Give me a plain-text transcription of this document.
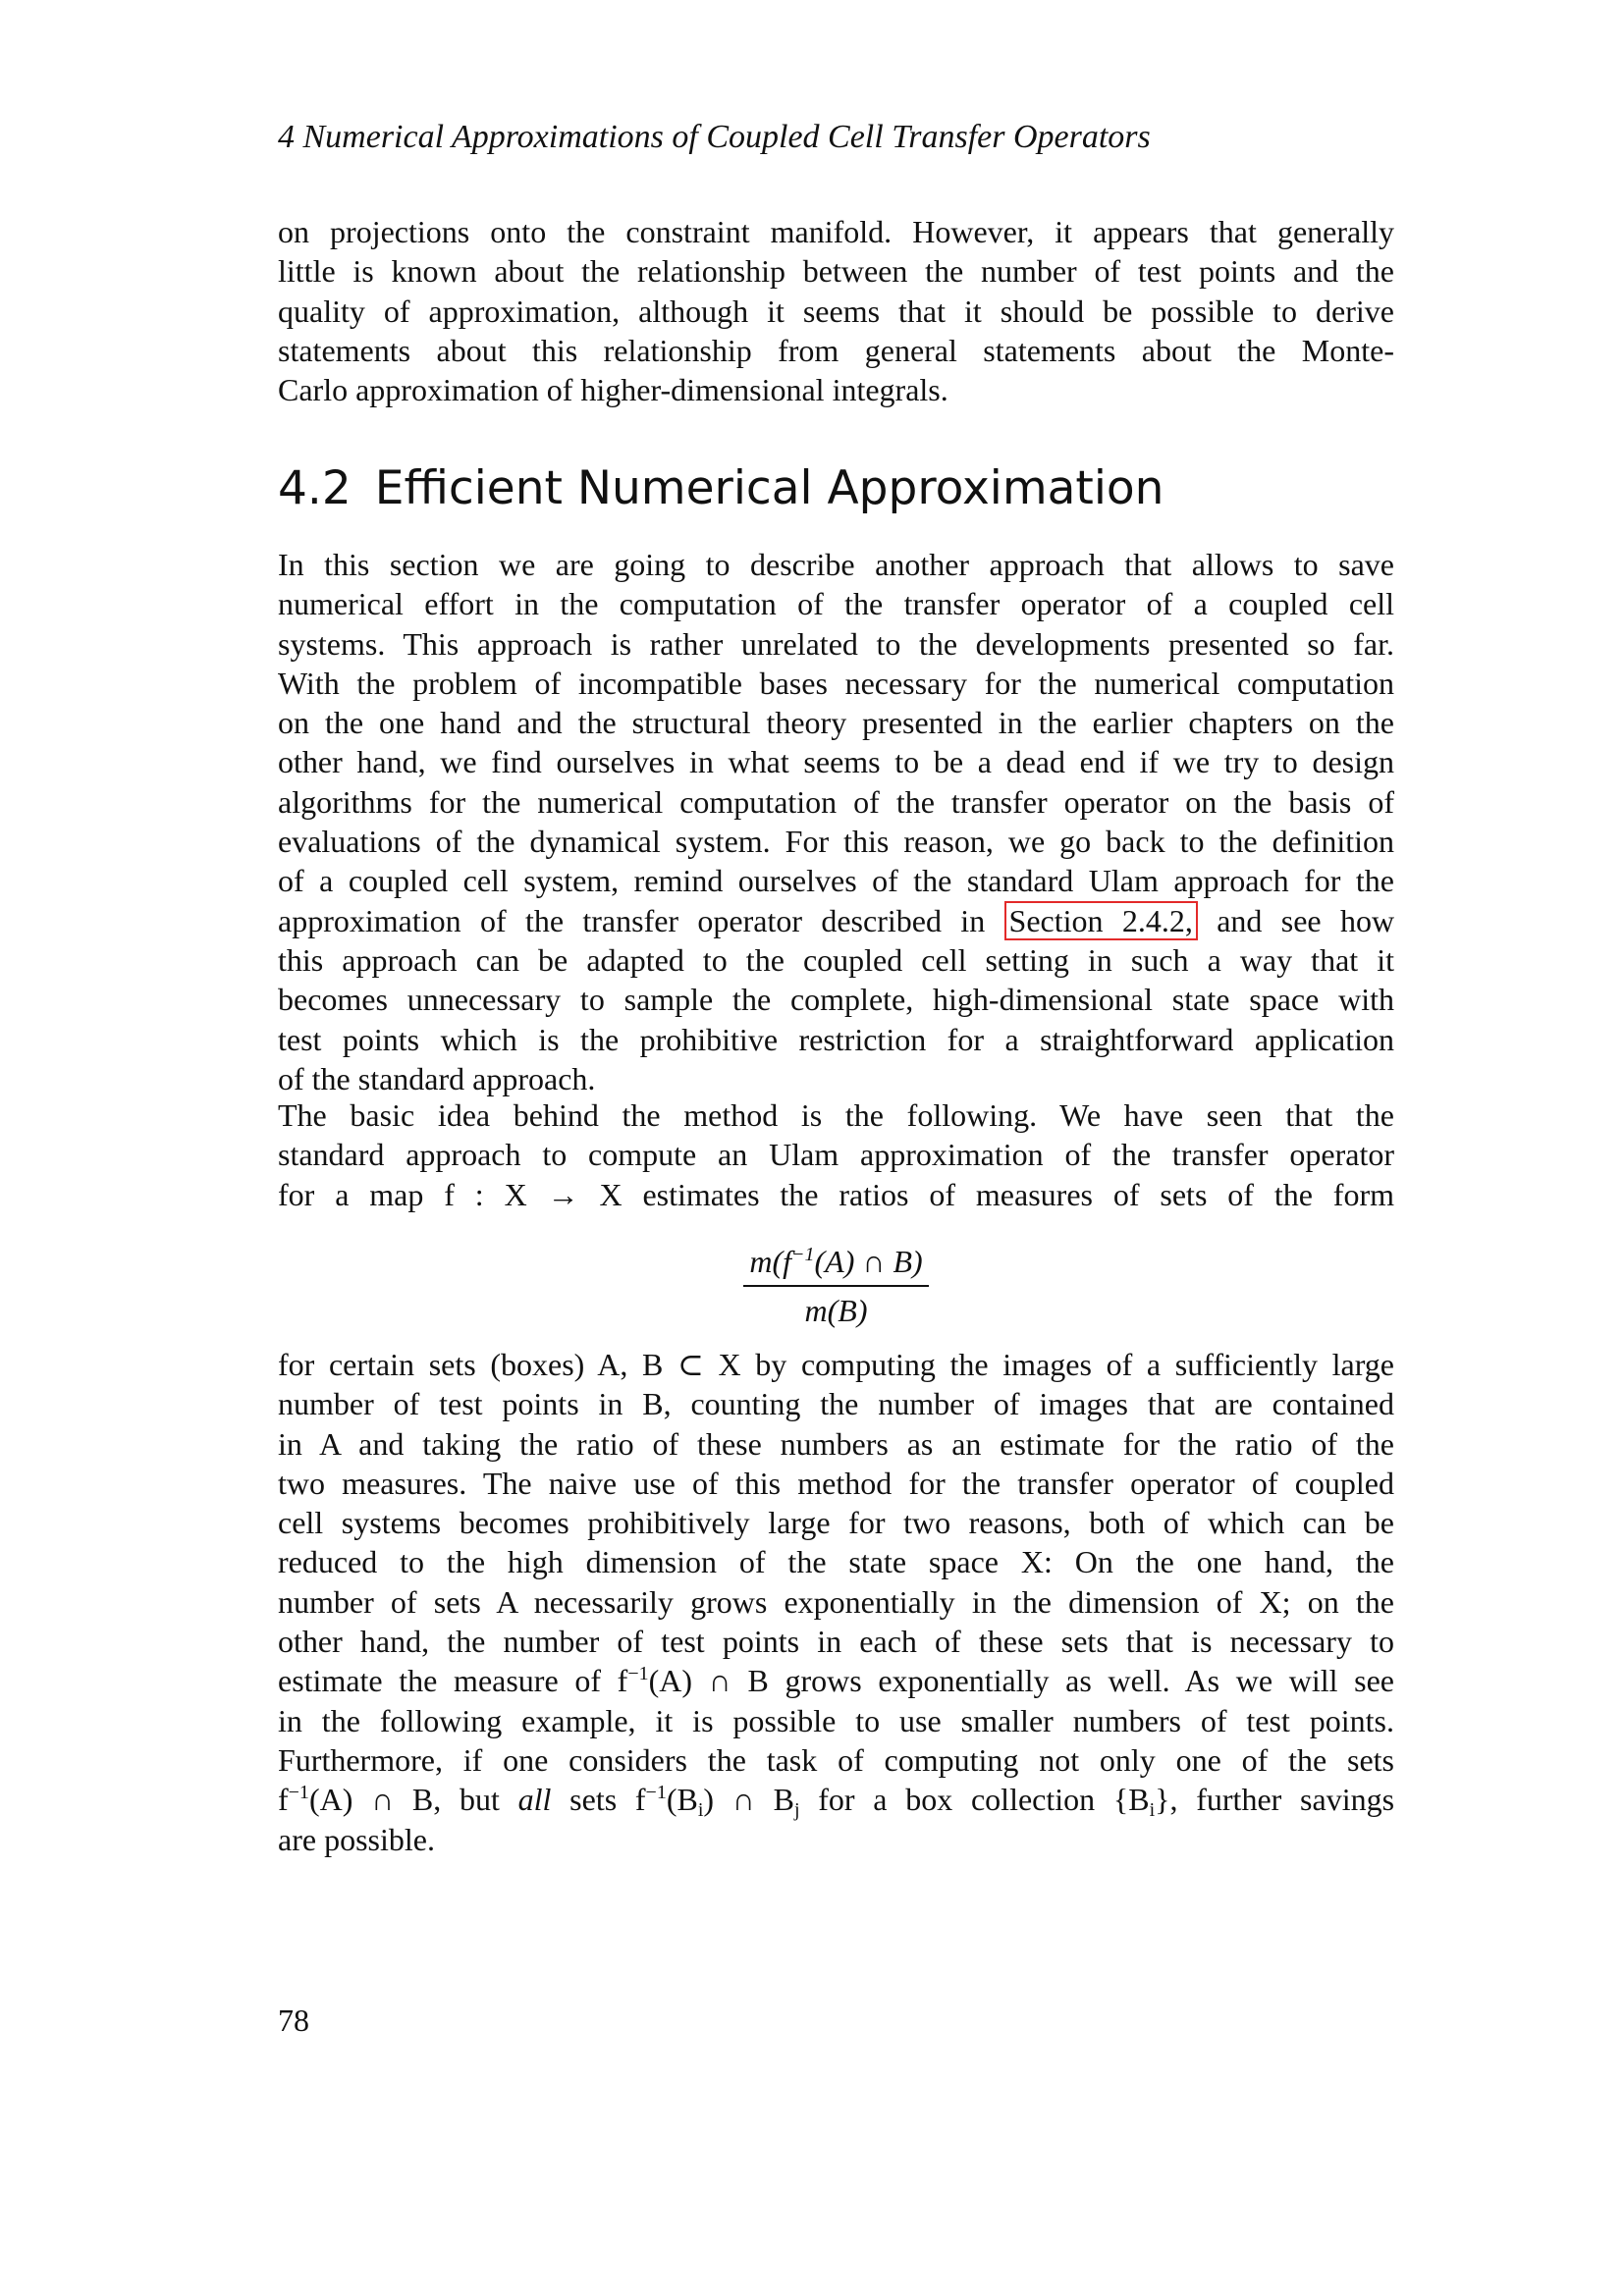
4 Numerical Approximations of Coupled Cell Transfer Operators
on projections onto the constraint manifold. However, it appears that generally
little is known about the relationship between the number of test points and the
quality of approximation, although it seems that it should be possible to derive
statements about this relationship from general statements about the Monte-
Carlo approximation of higher-dimensional integrals.
4.2 Efficient Numerical Approximation
In this section we are going to describe another approach that allows to save
numerical effort in the computation of the transfer operator of a coupled cell
systems. This approach is rather unrelated to the developments presented so far.
With the problem of incompatible bases necessary for the numerical computation
on the one hand and the structural theory presented in the earlier chapters on the
other hand, we find ourselves in what seems to be a dead end if we try to design
algorithms for the numerical computation of the transfer operator on the basis of
evaluations of the dynamical system. For this reason, we go back to the definition
of a coupled cell system, remind ourselves of the standard Ulam approach for the
approximation of the transfer operator described in Section 2.4.2, and see how
this approach can be adapted to the coupled cell setting in such a way that it
becomes unnecessary to sample the complete, high-dimensional state space with
test points which is the prohibitive restriction for a straightforward application
of the standard approach.
The basic idea behind the method is the following. We have seen that the
standard approach to compute an Ulam approximation of the transfer operator
for a map f : X → X estimates the ratios of measures of sets of the form
$\frac{m(f^{-1}(A) \cap B)}{m(B)}$
for certain sets (boxes) A, B ⊂ X by computing the images of a sufficiently large
number of test points in B, counting the number of images that are contained
in A and taking the ratio of these numbers as an estimate for the ratio of the
two measures. The naive use of this method for the transfer operator of coupled
cell systems becomes prohibitively large for two reasons, both of which can be
reduced to the high dimension of the state space X: On the one hand, the
number of sets A necessarily grows exponentially in the dimension of X; on the
other hand, the number of test points in each of these sets that is necessary to
estimate the measure of $f^{-1}(A)$ ∩ B grows exponentially as well. As we will see
in the following example, it is possible to use smaller numbers of test points.
Furthermore, if one considers the task of computing not only one of the sets
$f^{-1}(A)$ ∩ B, but all sets $f^{-1}(B_i)$ ∩ $B_j$ for a box collection $\{B_i\}$, further savings
are possible.
78
